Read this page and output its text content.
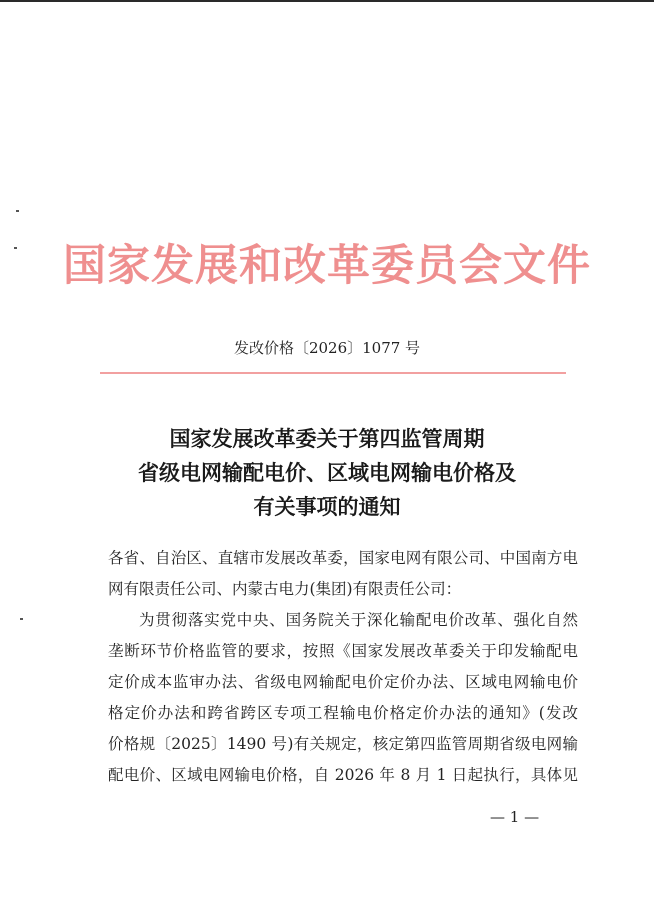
国家发展和改革委员会文件
发改价格〔2026〕1077 号
国家发展改革委关于第四监管周期
省级电网输配电价、区域电网输电价格及
有关事项的通知
各省、自治区、直辖市发展改革委，国家电网有限公司、中国南方电
网有限责任公司、内蒙古电力(集团)有限责任公司：
为贯彻落实党中央、国务院关于深化输配电价改革、强化自然
垄断环节价格监管的要求，按照《国家发展改革委关于印发输配电
定价成本监审办法、省级电网输配电价定价办法、区域电网输电价
格定价办法和跨省跨区专项工程输电价格定价办法的通知》(发改
价格规〔2025〕1490 号)有关规定，核定第四监管周期省级电网输
配电价、区域电网输电价格，自 2026 年 8 月 1 日起执行，具体见
— 1 —
